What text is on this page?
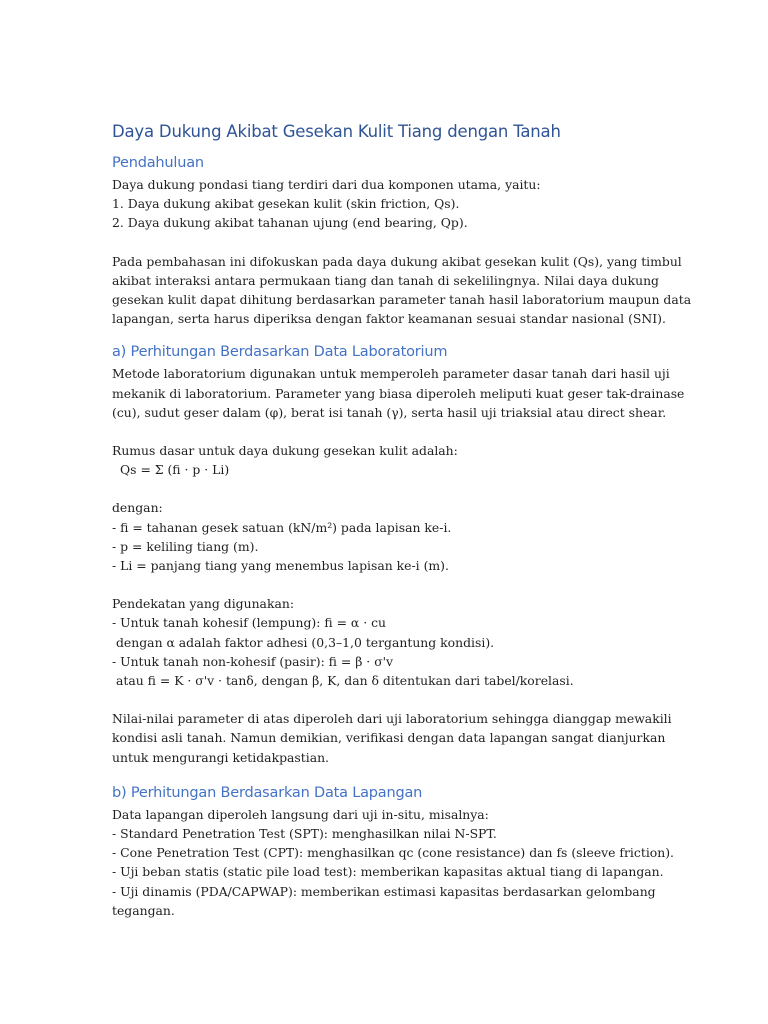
Daya Dukung Akibat Gesekan Kulit Tiang dengan Tanah
Pendahuluan

Daya dukung pondasi tiang terdiri dari dua komponen utama, yaitu:

1. Daya dukung akibat gesekan kulit (skin friction, Qs).

2. Daya dukung akibat tahanan ujung (end bearing, Qp).

Pada pembahasan ini difokuskan pada daya dukung akibat gesekan kulit (Qs), yang timbul

akibat interaksi antara permukaan tiang dan tanah di sekelilingnya. Nilai daya dukung

gesekan kulit dapat dihitung berdasarkan parameter tanah hasil laboratorium maupun data

lapangan, serta harus diperiksa dengan faktor keamanan sesuai standar nasional (SNI).

a) Perhitungan Berdasarkan Data Laboratorium

Metode laboratorium digunakan untuk memperoleh parameter dasar tanah dari hasil uji

mekanik di laboratorium. Parameter yang biasa diperoleh meliputi kuat geser tak-drainase

(cu), sudut geser dalam (φ), berat isi tanah (γ), serta hasil uji triaksial atau direct shear.

Rumus dasar untuk daya dukung gesekan kulit adalah:

Qs = Σ (fi · p · Li)

dengan:

- fi = tahanan gesek satuan (kN/m²) pada lapisan ke-i.

- p = keliling tiang (m).

- Li = panjang tiang yang menembus lapisan ke-i (m).

Pendekatan yang digunakan:

- Untuk tanah kohesif (lempung): fi = α · cu

dengan α adalah faktor adhesi (0,3–1,0 tergantung kondisi).

- Untuk tanah non-kohesif (pasir): fi = β · σ'v

atau fi = K · σ'v · tanδ, dengan β, K, dan δ ditentukan dari tabel/korelasi.

Nilai-nilai parameter di atas diperoleh dari uji laboratorium sehingga dianggap mewakili

kondisi asli tanah. Namun demikian, verifikasi dengan data lapangan sangat dianjurkan

untuk mengurangi ketidakpastian.

b) Perhitungan Berdasarkan Data Lapangan

Data lapangan diperoleh langsung dari uji in-situ, misalnya:

- Standard Penetration Test (SPT): menghasilkan nilai N-SPT.

- Cone Penetration Test (CPT): menghasilkan qc (cone resistance) dan fs (sleeve friction).

- Uji beban statis (static pile load test): memberikan kapasitas aktual tiang di lapangan.

- Uji dinamis (PDA/CAPWAP): memberikan estimasi kapasitas berdasarkan gelombang

tegangan.
